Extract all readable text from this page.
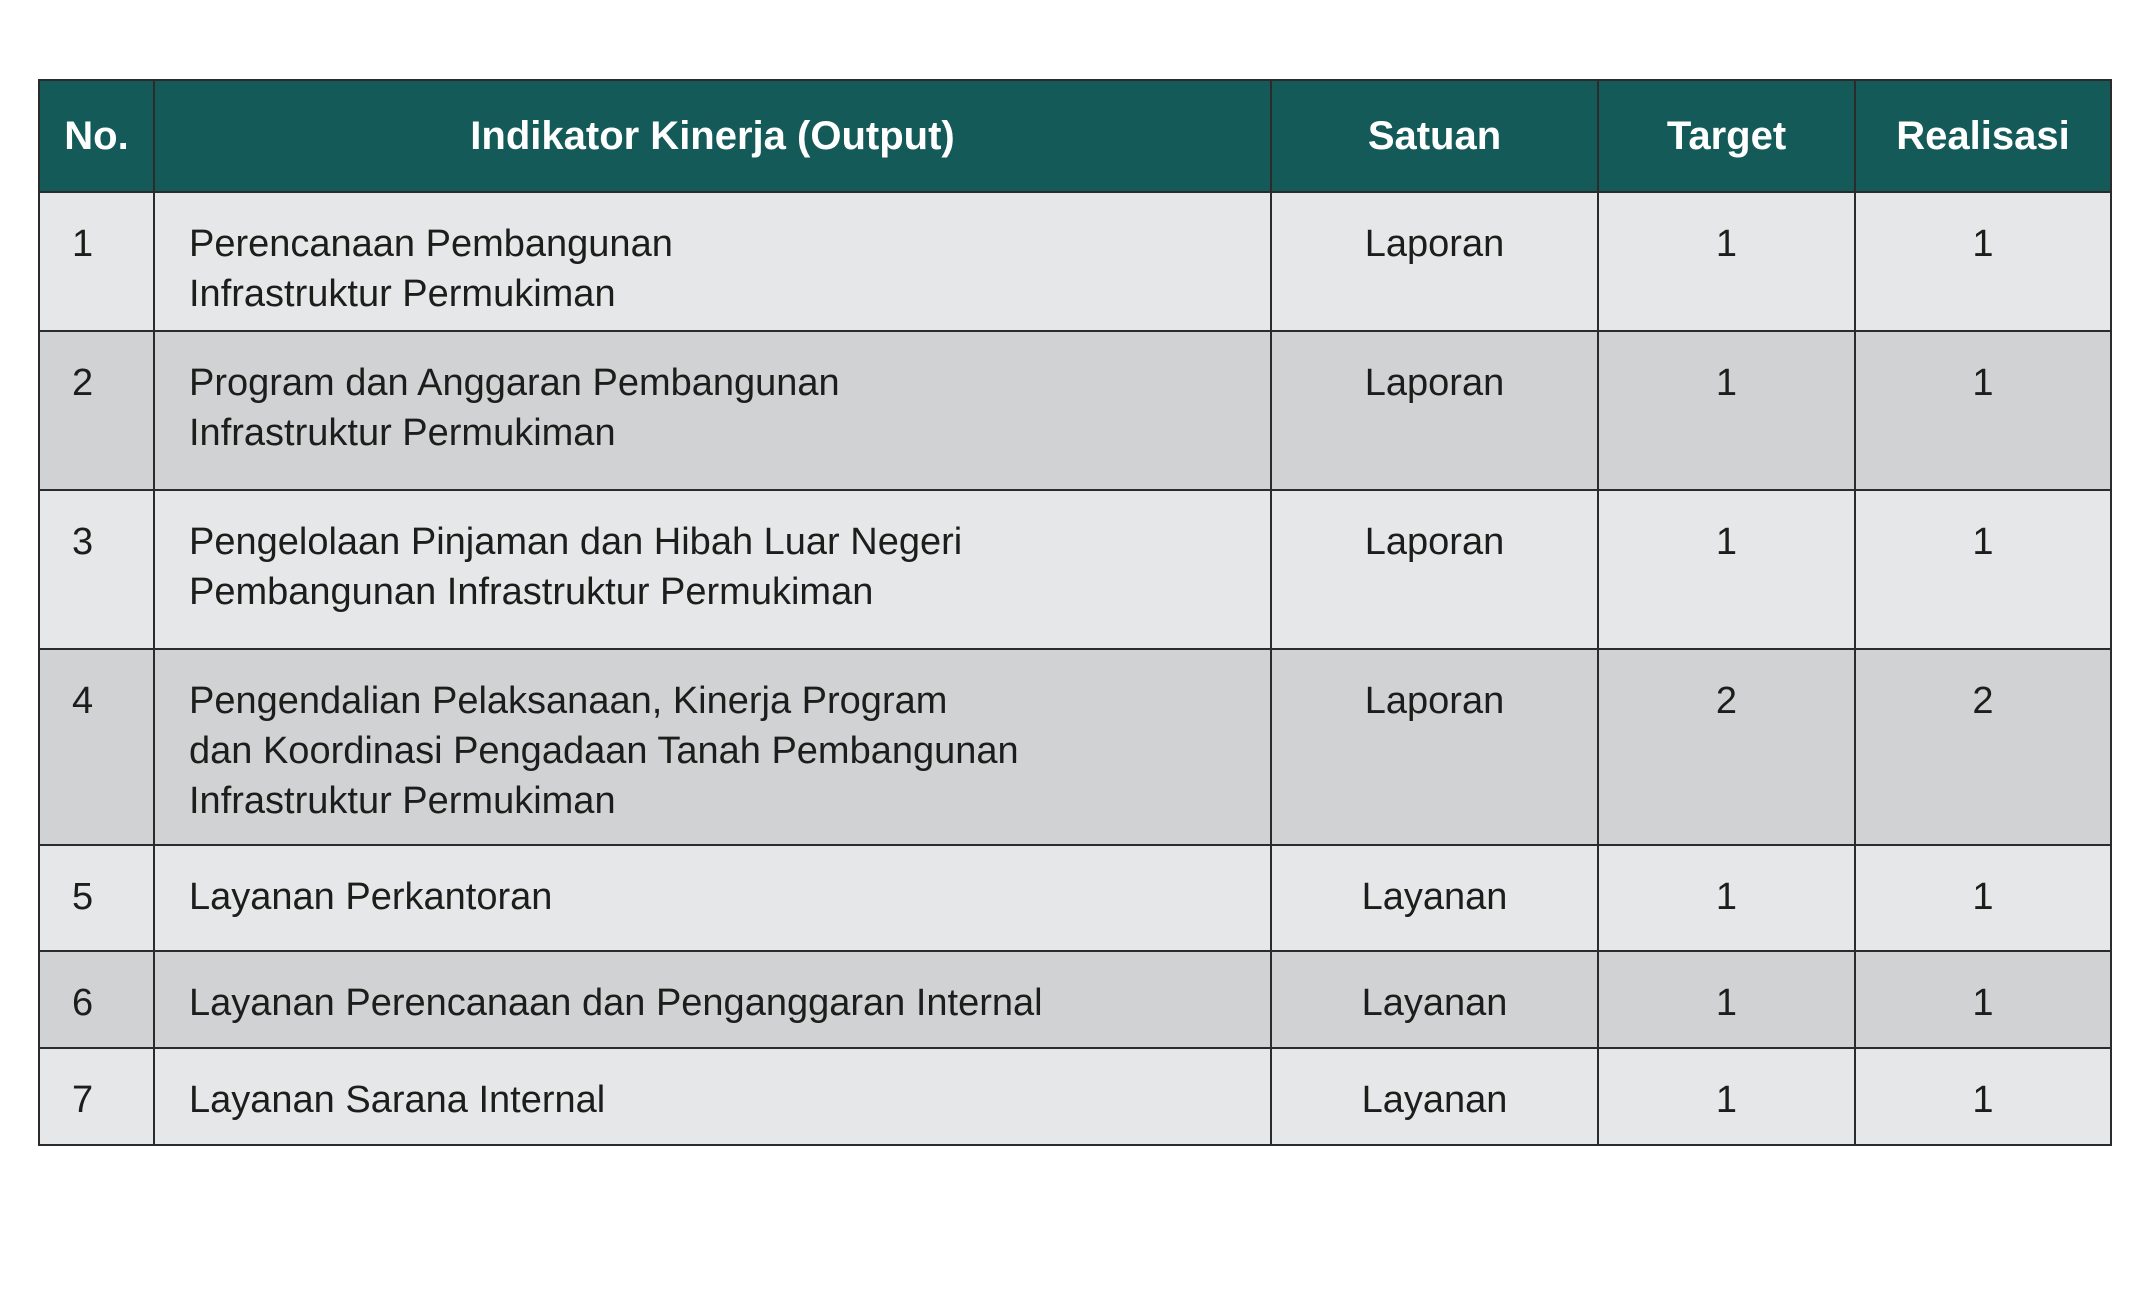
No.	Indikator Kinerja (Output)	Satuan	Target	Realisasi
1	Perencanaan Pembangunan
Infrastruktur Permukiman	Laporan	1	1
2	Program dan Anggaran Pembangunan
Infrastruktur Permukiman	Laporan	1	1
3	Pengelolaan Pinjaman dan Hibah Luar Negeri
Pembangunan Infrastruktur Permukiman	Laporan	1	1
4	Pengendalian Pelaksanaan, Kinerja Program
dan Koordinasi Pengadaan Tanah Pembangunan
Infrastruktur Permukiman	Laporan	2	2
5	Layanan Perkantoran	Layanan	1	1
6	Layanan Perencanaan dan Penganggaran Internal	Layanan	1	1
7	Layanan Sarana Internal	Layanan	1	1
